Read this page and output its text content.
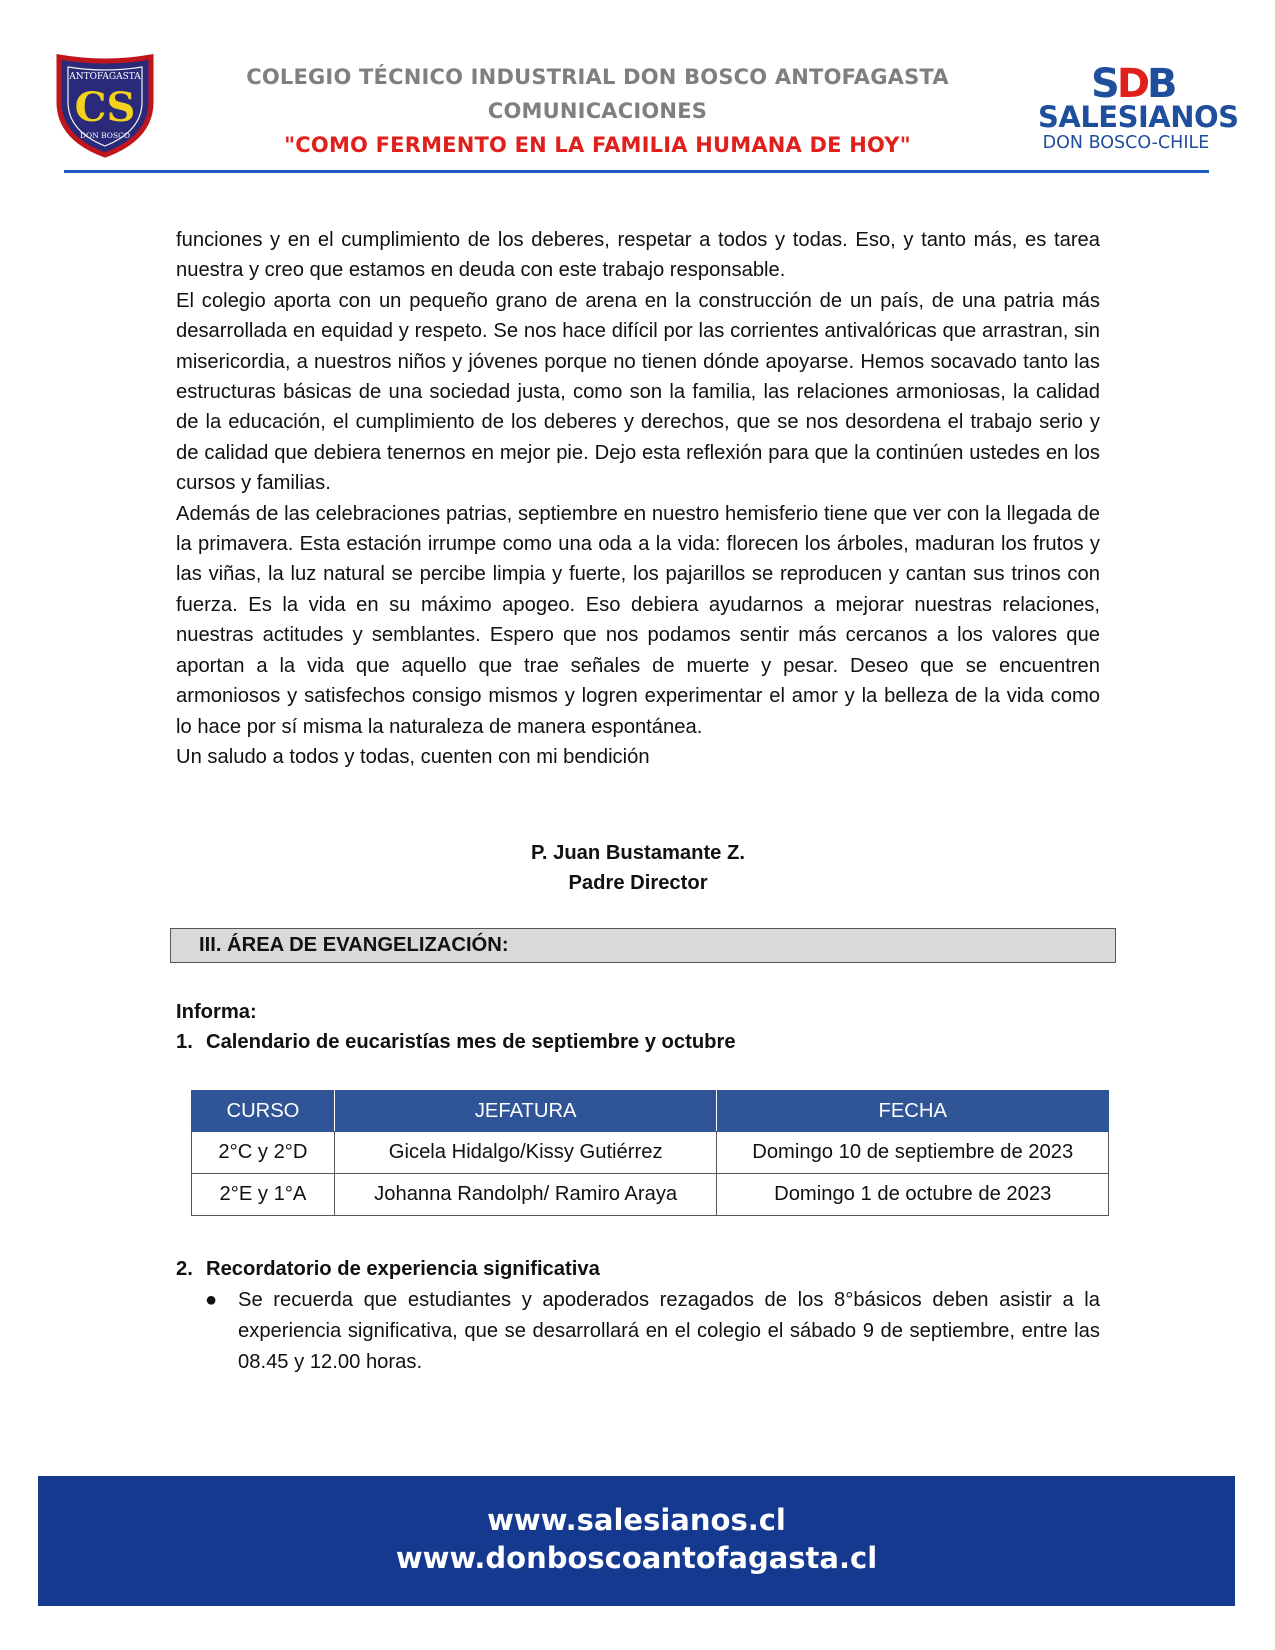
ANTOFAGASTA
CS
DON BOSCO
COLEGIO TÉCNICO INDUSTRIAL DON BOSCO ANTOFAGASTA
COMUNICACIONES
"COMO FERMENTO EN LA FAMILIA HUMANA DE HOY"
SDB
SALESIANOS
DON BOSCO-CHILE

funciones y en el cumplimiento de los deberes, respetar a todos y todas. Eso, y tanto más, es tarea nuestra y creo que estamos en deuda con este trabajo responsable.

El colegio aporta con un pequeño grano de arena en la construcción de un país, de una patria más desarrollada en equidad y respeto. Se nos hace difícil por las corrientes antivalóricas que arrastran, sin misericordia, a nuestros niños y jóvenes porque no tienen dónde apoyarse. Hemos socavado tanto las estructuras básicas de una sociedad justa, como son la familia, las relaciones armoniosas, la calidad de la educación, el cumplimiento de los deberes y derechos, que se nos desordena el trabajo serio y de calidad que debiera tenernos en mejor pie. Dejo esta reflexión para que la continúen ustedes en los cursos y familias.

Además de las celebraciones patrias, septiembre en nuestro hemisferio tiene que ver con la llegada de la primavera. Esta estación irrumpe como una oda a la vida: florecen los árboles, maduran los frutos y las viñas, la luz natural se percibe limpia y fuerte, los pajarillos se reproducen y cantan sus trinos con fuerza. Es la vida en su máximo apogeo. Eso debiera ayudarnos a mejorar nuestras relaciones, nuestras actitudes y semblantes. Espero que nos podamos sentir más cercanos a los valores que aportan a la vida que aquello que trae señales de muerte y pesar. Deseo que se encuentren armoniosos y satisfechos consigo mismos y logren experimentar el amor y la belleza de la vida como lo hace por sí misma la naturaleza de manera espontánea.

Un saludo a todos y todas, cuenten con mi bendición

P. Juan Bustamante Z.
Padre Director
III. ÁREA DE EVANGELIZACIÓN:
Informa:
1. Calendario de eucaristías mes de septiembre y octubre
CURSO	JEFATURA	FECHA
2°C y 2°D	Gicela Hidalgo/Kissy Gutiérrez	Domingo 10 de septiembre de 2023
2°E y 1°A	Johanna Randolph/ Ramiro Araya	Domingo 1 de octubre de 2023
2. Recordatorio de experiencia significativa
●	Se recuerda que estudiantes y apoderados rezagados de los 8°básicos deben asistir a la experiencia significativa, que se desarrollará en el colegio el sábado 9 de septiembre, entre las 08.45 y 12.00 horas.
www.salesianos.cl
www.donboscoantofagasta.cl
